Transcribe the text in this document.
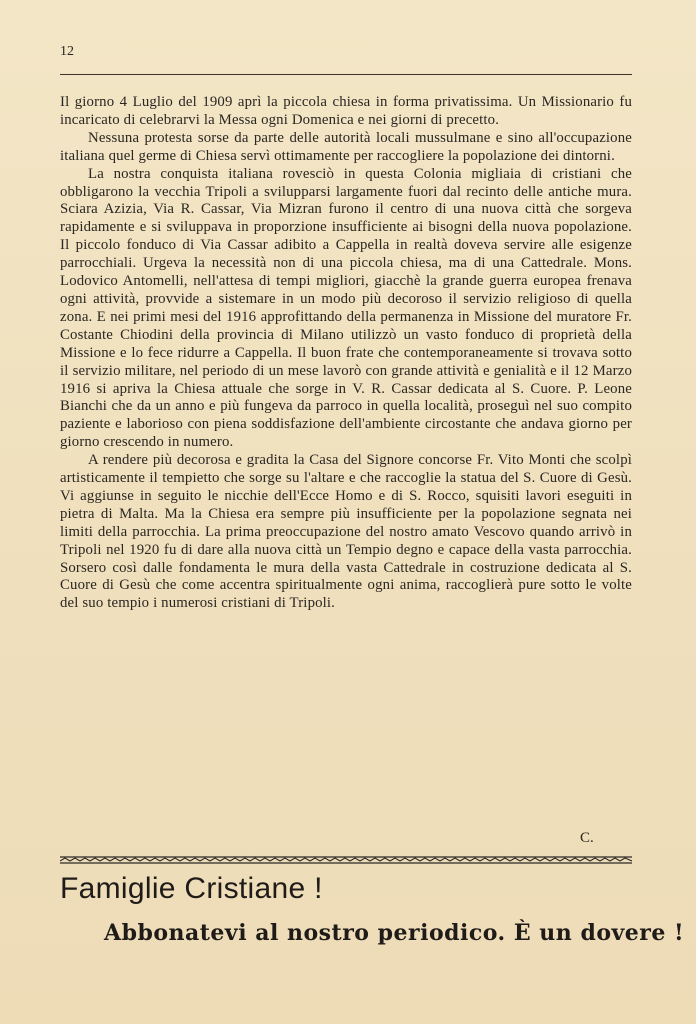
12

Il giorno 4 Luglio del 1909 aprì la piccola chiesa in forma privatissima. Un Missionario fu incaricato di celebrarvi la Messa ogni Domenica e nei giorni di precetto.

Nessuna protesta sorse da parte delle autorità locali mussulmane e sino all'occupazione italiana quel germe di Chiesa servì ottimamente per raccogliere la popolazione dei dintorni.

La nostra conquista italiana rovesciò in questa Colonia migliaia di cristiani che obbligarono la vecchia Tripoli a svilupparsi largamente fuori dal recinto delle antiche mura. Sciara Azizia, Via R. Cassar, Via Mizran furono il centro di una nuova città che sorgeva rapidamente e si sviluppava in proporzione insufficiente ai bisogni della nuova popolazione. Il piccolo fonduco di Via Cassar adibito a Cappella in realtà doveva servire alle esigenze parrocchiali. Urgeva la necessità non di una piccola chiesa, ma di una Cattedrale. Mons. Lodovico Antomelli, nell'attesa di tempi migliori, giacchè la grande guerra europea frenava ogni attività, provvide a sistemare in un modo più decoroso il servizio religioso di quella zona. E nei primi mesi del 1916 approfittando della permanenza in Missione del muratore Fr. Costante Chiodini della provincia di Milano utilizzò un vasto fonduco di proprietà della Missione e lo fece ridurre a Cappella. Il buon frate che contemporaneamente si trovava sotto il servizio militare, nel periodo di un mese lavorò con grande attività e genialità e il 12 Marzo 1916 si apriva la Chiesa attuale che sorge in V. R. Cassar dedicata al S. Cuore. P. Leone Bianchi che da un anno e più fungeva da parroco in quella località, proseguì nel suo compito paziente e laborioso con piena soddisfazione dell'ambiente circostante che andava giorno per giorno crescendo in numero.

A rendere più decorosa e gradita la Casa del Signore concorse Fr. Vito Monti che scolpì artisticamente il tempietto che sorge su l'altare e che raccoglie la statua del S. Cuore di Gesù. Vi aggiunse in seguito le nicchie dell'Ecce Homo e di S. Rocco, squisiti lavori eseguiti in pietra di Malta. Ma la Chiesa era sempre più insufficiente per la popolazione segnata nei limiti della parrocchia. La prima preoccupazione del nostro amato Vescovo quando arrivò in Tripoli nel 1920 fu di dare alla nuova città un Tempio degno e capace della vasta parrocchia. Sorsero così dalle fondamenta le mura della vasta Cattedrale in costruzione dedicata al S. Cuore di Gesù che come accentra spiritualmente ogni anima, raccoglierà pure sotto le volte del suo tempio i numerosi cristiani di Tripoli.

C.
Famiglie Cristiane !
Abbonatevi al nostro periodico. È un dovere !
